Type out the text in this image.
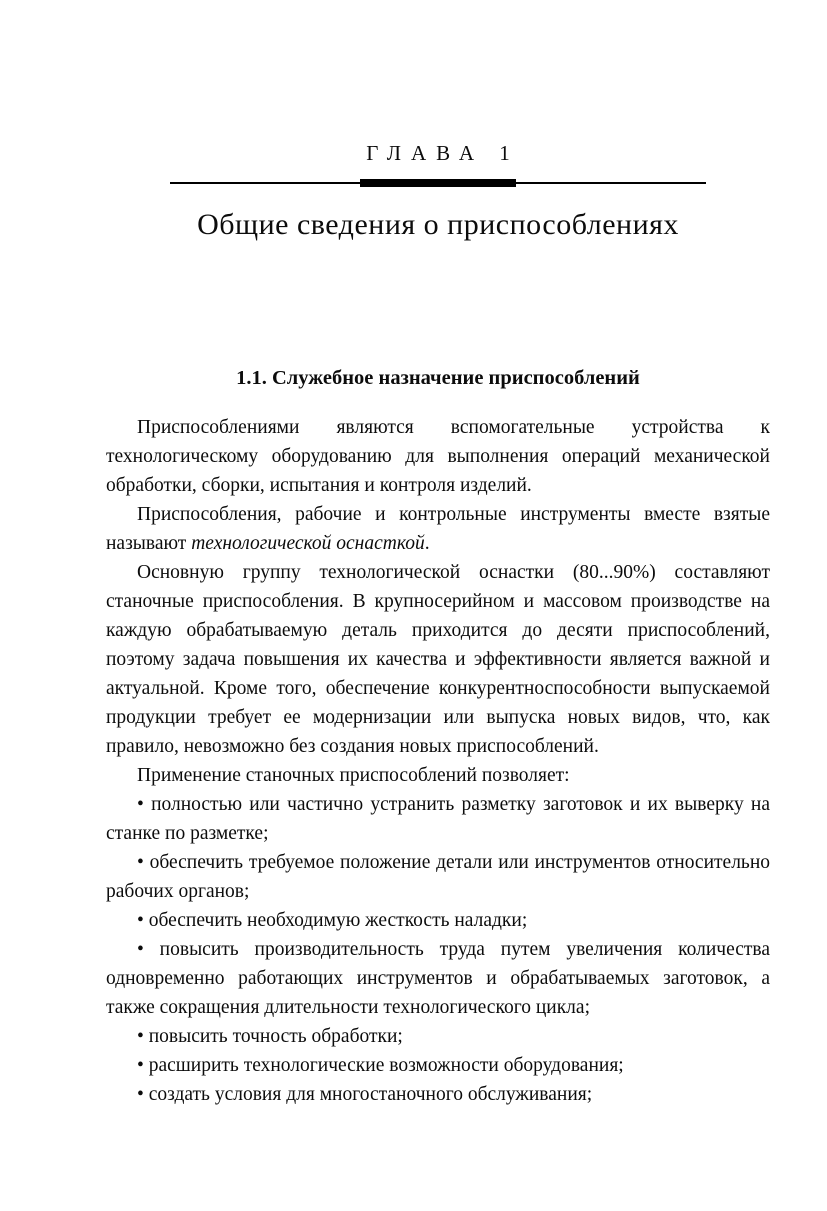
ГЛАВА 1
Общие сведения о приспособлениях
1.1. Служебное назначение приспособлений

Приспособлениями являются вспомогательные устройства к технологическому оборудованию для выполнения операций механической обработки, сборки, испытания и контроля изделий.

Приспособления, рабочие и контрольные инструменты вместе взятые называют технологической оснасткой.

Основную группу технологической оснастки (80...90%) составляют станочные приспособления. В крупносерийном и массовом производстве на каждую обрабатываемую деталь приходится до десяти приспособлений, поэтому задача повышения их качества и эффективности является важной и актуальной. Кроме того, обеспечение конкурентноспособности выпускаемой продукции требует ее модернизации или выпуска новых видов, что, как правило, невозможно без создания новых приспособлений.

Применение станочных приспособлений позволяет:

• полностью или частично устранить разметку заготовок и их выверку на станке по разметке;

• обеспечить требуемое положение детали или инструментов относительно рабочих органов;

• обеспечить необходимую жесткость наладки;

• повысить производительность труда путем увеличения количества одновременно работающих инструментов и обрабатываемых заготовок, а также сокращения длительности технологического цикла;

• повысить точность обработки;

• расширить технологические возможности оборудования;

• создать условия для многостаночного обслуживания;
